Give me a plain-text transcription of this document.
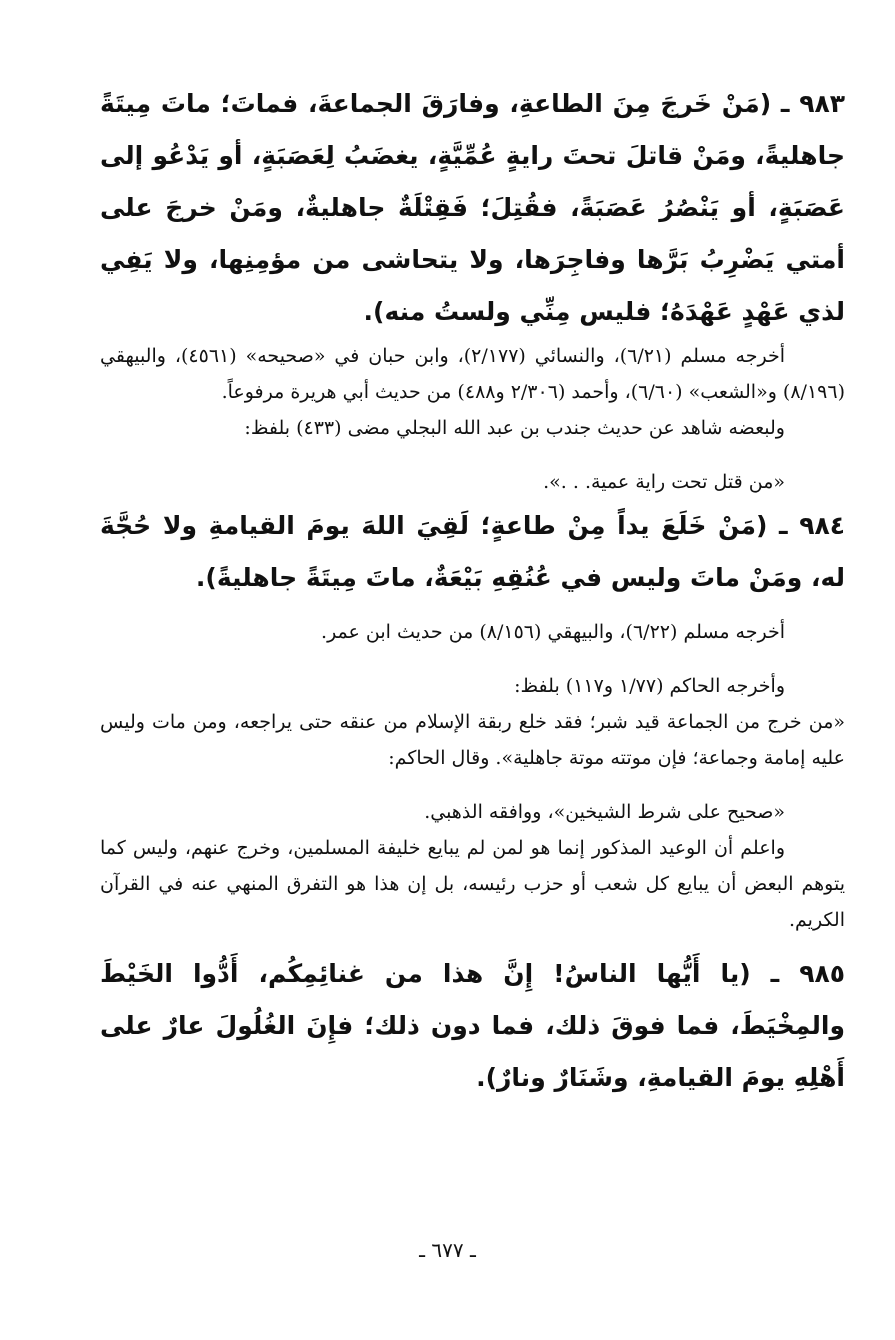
٩٨٣ ـ (مَنْ خَرجَ مِنَ الطاعةِ، وفارَقَ الجماعةَ، فماتَ؛ ماتَ مِيتَةً جاهليةً، ومَنْ قاتلَ تحتَ رايةٍ عُمِّيَّةٍ، يغضَبُ لِعَصَبَةٍ، أو يَدْعُو إلى عَصَبَةٍ، أو يَنْصُرُ عَصَبَةً، فقُتِلَ؛ فَقِتْلَةٌ جاهليةٌ، ومَنْ خرجَ على أمتي يَضْرِبُ بَرَّها وفاجِرَها، ولا يتحاشى من مؤمِنِها، ولا يَفِي لذي عَهْدٍ عَهْدَهُ؛ فليس مِنِّي ولستُ منه).

أخرجه مسلم (٦/٢١)، والنسائي (٢/١٧٧)، وابن حبان في «صحيحه» (٤٥٦١)، والبيهقي (٨/١٩٦) و«الشعب» (٦/٦٠)، وأحمد (٢/٣٠٦ و٤٨٨) من حديث أبي هريرة مرفوعاً.

ولبعضه شاهد عن حديث جندب بن عبد الله البجلي مضى (٤٣٣) بلفظ:

«من قتل تحت راية عمية. . .».

٩٨٤ ـ (مَنْ خَلَعَ يداً مِنْ طاعةٍ؛ لَقِيَ اللهَ يومَ القيامةِ ولا حُجَّةَ له، ومَنْ ماتَ وليس في عُنُقِهِ بَيْعَةٌ، ماتَ مِيتَةً جاهليةً).

أخرجه مسلم (٦/٢٢)، والبيهقي (٨/١٥٦) من حديث ابن عمر.

وأخرجه الحاكم (١/٧٧ و١١٧) بلفظ:

«من خرج من الجماعة قيد شبر؛ فقد خلع ربقة الإسلام من عنقه حتى يراجعه، ومن مات وليس عليه إمامة وجماعة؛ فإن موتته موتة جاهلية». وقال الحاكم:

«صحيح على شرط الشيخين»، ووافقه الذهبي.

واعلم أن الوعيد المذكور إنما هو لمن لم يبايع خليفة المسلمين، وخرج عنهم، وليس كما يتوهم البعض أن يبايع كل شعب أو حزب رئيسه، بل إن هذا هو التفرق المنهي عنه في القرآن الكريم.

٩٨٥ ـ (يا أَيُّها الناسُ! إِنَّ هذا من غنائِمِكُم، أَدُّوا الخَيْطَ والمِخْيَطَ، فما فوقَ ذلك، فما دون ذلك؛ فإِنَ الغُلُولَ عارٌ على أَهْلِهِ يومَ القيامةِ، وشَنَارٌ ونارٌ).

ـ ٦٧٧ ـ
